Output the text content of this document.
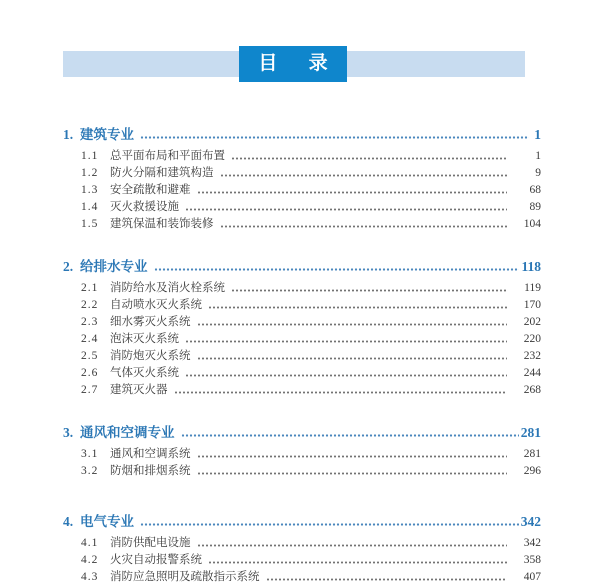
目 录
1. 建筑专业	1
1.1	总平面布局和平面布置	1
1.2	防火分隔和建筑构造	9
1.3	安全疏散和避难	68
1.4	灭火救援设施	89
1.5	建筑保温和装饰装修	104
2. 给排水专业	118
2.1	消防给水及消火栓系统	119
2.2	自动喷水灭火系统	170
2.3	细水雾灭火系统	202
2.4	泡沫灭火系统	220
2.5	消防炮灭火系统	232
2.6	气体灭火系统	244
2.7	建筑灭火器	268
3. 通风和空调专业	281
3.1	通风和空调系统	281
3.2	防烟和排烟系统	296
4. 电气专业	342
4.1	消防供配电设施	342
4.2	火灾自动报警系统	358
4.3	消防应急照明及疏散指示系统	407
